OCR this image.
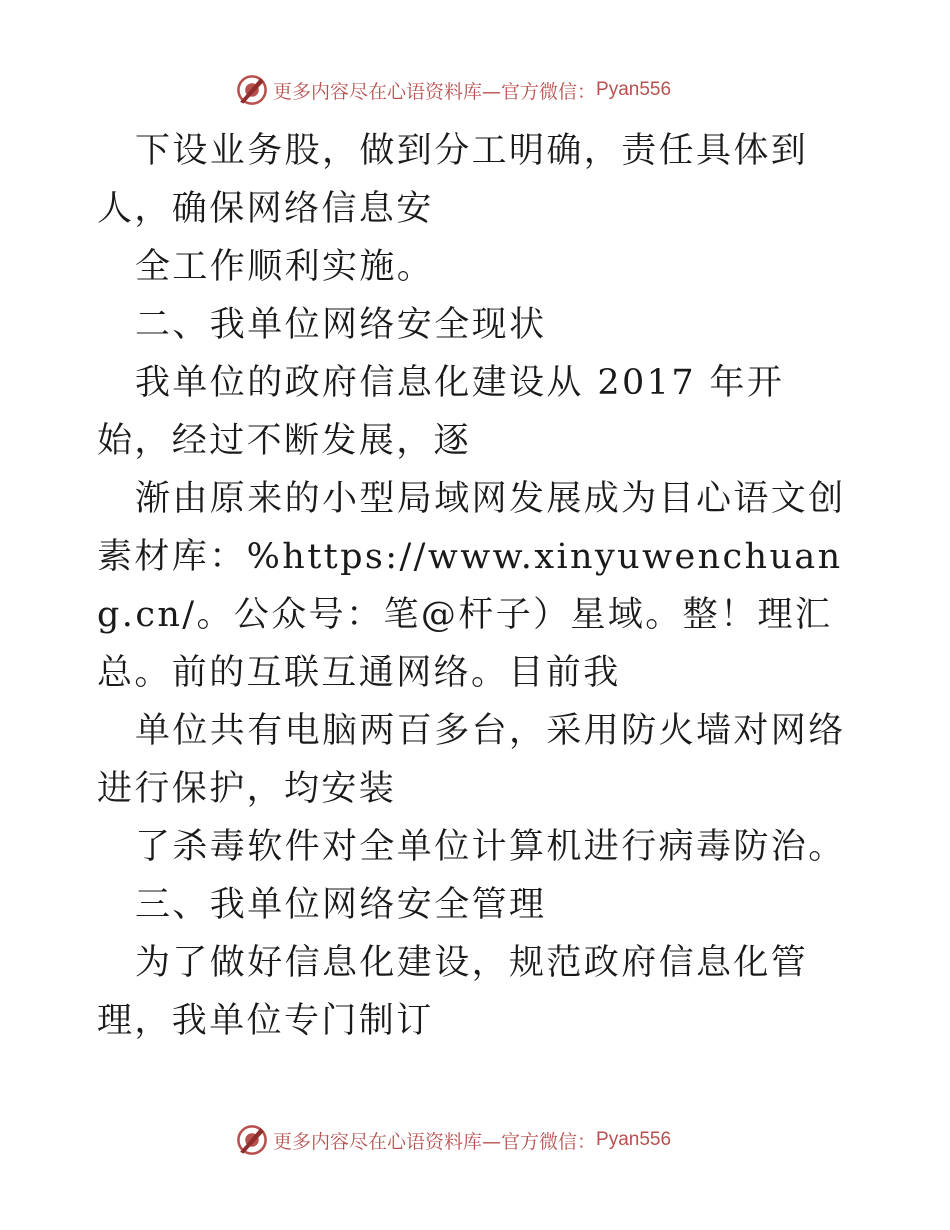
更多内容尽在心语资料库—官方微信： Pyan556

下设业务股，做到分工明确，责任具体到人，确保网络信息安

全工作顺利实施。

二、我单位网络安全现状

我单位的政府信息化建设从 2017 年开始，经过不断发展，逐

渐由原来的小型局域网发展成为目心语文创素材库：%https://www.xinyuwenchuang.cn/。公众号：笔@杆子）星域。整！理汇总。前的互联互通网络。目前我

单位共有电脑两百多台，采用防火墙对网络进行保护，均安装

了杀毒软件对全单位计算机进行病毒防治。

三、我单位网络安全管理

为了做好信息化建设，规范政府信息化管理，我单位专门制订

更多内容尽在心语资料库—官方微信： Pyan556
